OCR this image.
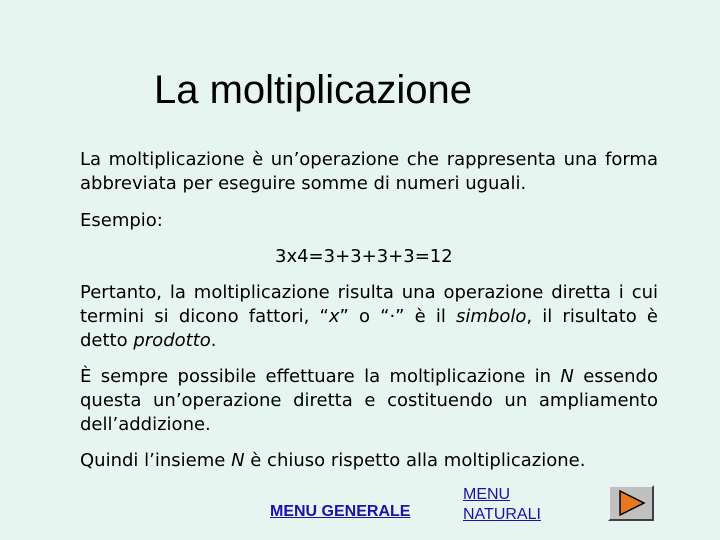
La moltiplicazione
La moltiplicazione è un’operazione che rappresenta una forma abbreviata per eseguire somme di numeri uguali.
Esempio:
3x4=3+3+3+3=12
Pertanto, la moltiplicazione risulta una operazione diretta i cui termini si dicono fattori, “x” o “·” è il simbolo, il risultato è detto prodotto.
È sempre possibile effettuare la moltiplicazione in N essendo questa un’operazione diretta e costituendo un ampliamento dell’addizione.
Quindi l’insieme N è chiuso rispetto alla moltiplicazione.
MENU GENERALE
MENU NATURALI
